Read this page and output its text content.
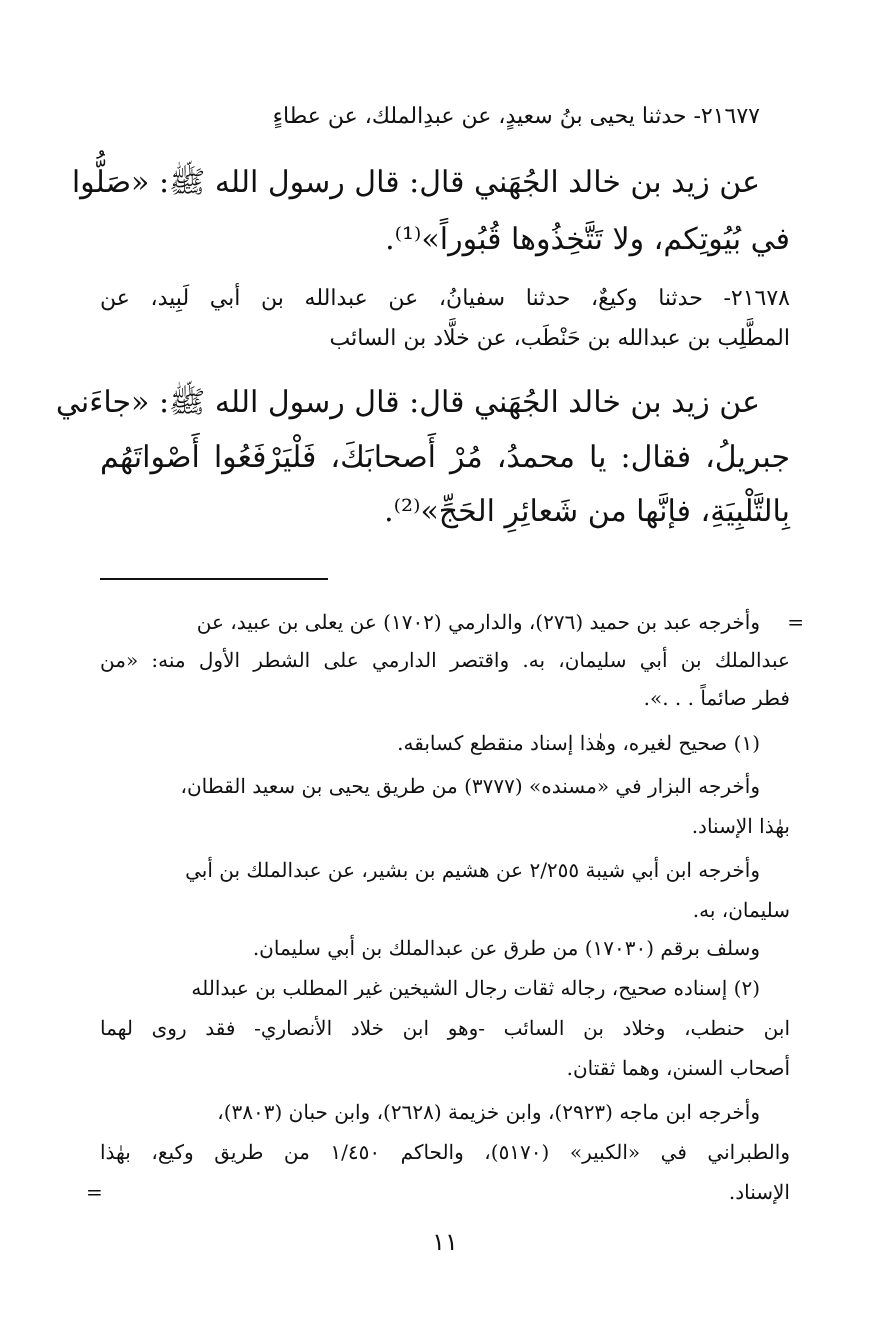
٢١٦٧٧- حدثنا يحيى بنُ سعيدٍ، عن عبدِالملك، عن عطاءٍ
عن زيد بن خالد الجُهَني قال: قال رسول الله ﷺ: «صَلُّوا
في بُيُوتِكم، ولا تَتَّخِذُوها قُبُوراً»⁽¹⁾.
٢١٦٧٨- حدثنا وكيعٌ، حدثنا سفيانُ، عن عبدالله بن أبي لَبِيد، عن
المطَّلِب بن عبدالله بن حَنْطَب، عن خلَّاد بن السائب
عن زيد بن خالد الجُهَني قال: قال رسول الله ﷺ: «جاءَني
جبريلُ، فقال: يا محمدُ، مُرْ أَصحابَكَ، فَلْيَرْفَعُوا أَصْواتَهُم
بِالتَّلْبِيَةِ، فإنَّها من شَعائِرِ الحَجِّ»⁽²⁾.
=
وأخرجه عبد بن حميد (٢٧٦)، والدارمي (١٧٠٢) عن يعلى بن عبيد، عن
عبدالملك بن أبي سليمان، به. واقتصر الدارمي على الشطر الأول منه: «من
فطر صائماً . . .».
(١) صحيح لغيره، وهٰذا إسناد منقطع كسابقه.
وأخرجه البزار في «مسنده» (٣٧٧٧) من طريق يحيى بن سعيد القطان،
بهٰذا الإسناد.
وأخرجه ابن أبي شيبة ٢/٢٥٥ عن هشيم بن بشير، عن عبدالملك بن أبي
سليمان، به.
وسلف برقم (١٧٠٣٠) من طرق عن عبدالملك بن أبي سليمان.
(٢) إسناده صحيح، رجاله ثقات رجال الشيخين غير المطلب بن عبدالله
ابن حنطب، وخلاد بن السائب -وهو ابن خلاد الأنصاري- فقد روى لهما
أصحاب السنن، وهما ثقتان.
وأخرجه ابن ماجه (٢٩٢٣)، وابن خزيمة (٢٦٢٨)، وابن حبان (٣٨٠٣)،
والطبراني في «الكبير» (٥١٧٠)، والحاكم ١/٤٥٠ من طريق وكيع، بهٰذا
الإسناد.
=
١١
